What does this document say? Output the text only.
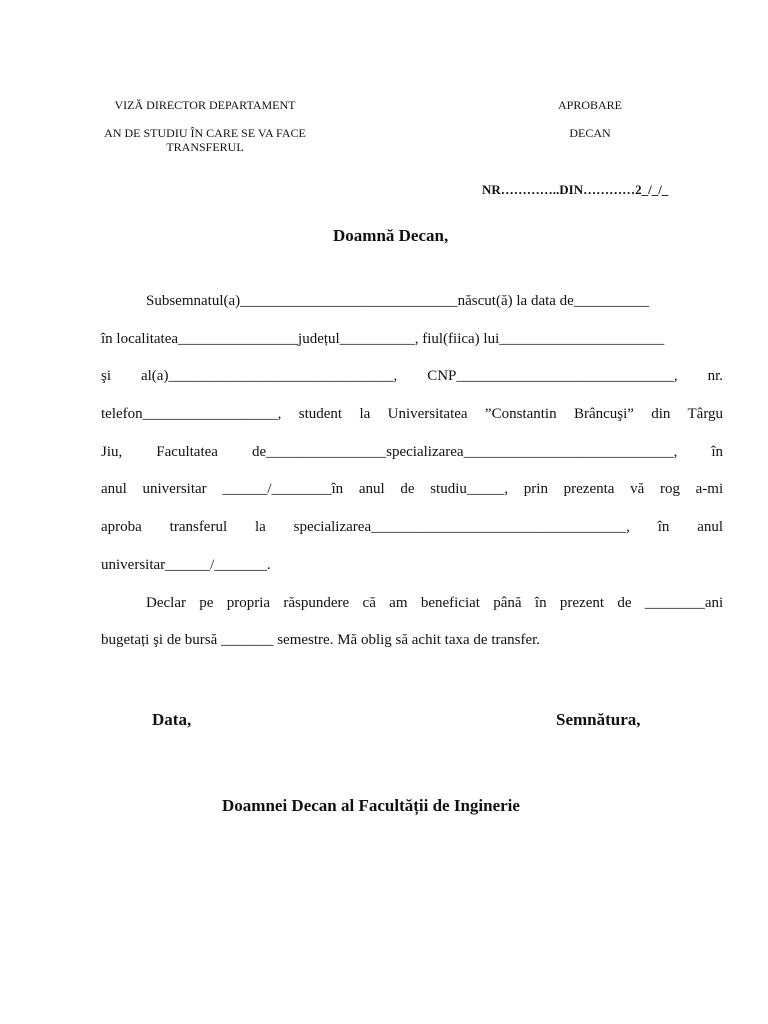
VIZĂ DIRECTOR DEPARTAMENT
AN DE STUDIU ÎN CARE SE VA FACE TRANSFERUL
APROBARE
DECAN
NR…………..DIN…………2_/_/_
Doamnă Decan,
Subsemnatul(a)_____________________________născut(ă) la data de__________
în localitatea________________județul__________, fiul(fiica) lui______________________
şi al(a)______________________________, CNP_____________________________, nr.
telefon__________________, student la Universitatea ”Constantin Brâncuşi” din Târgu
Jiu, Facultatea de________________specializarea____________________________, în
anul universitar ______/________în anul de studiu_____, prin prezenta vă rog a-mi
aproba transferul la specializarea__________________________________, în anul
universitar______/_______.
Declar pe propria răspundere că am beneficiat până în prezent de ________ani
bugetați şi de bursă _______ semestre. Mă oblig să achit taxa de transfer.
Data,	Semnătura,
Doamnei Decan al Facultății de Inginerie
